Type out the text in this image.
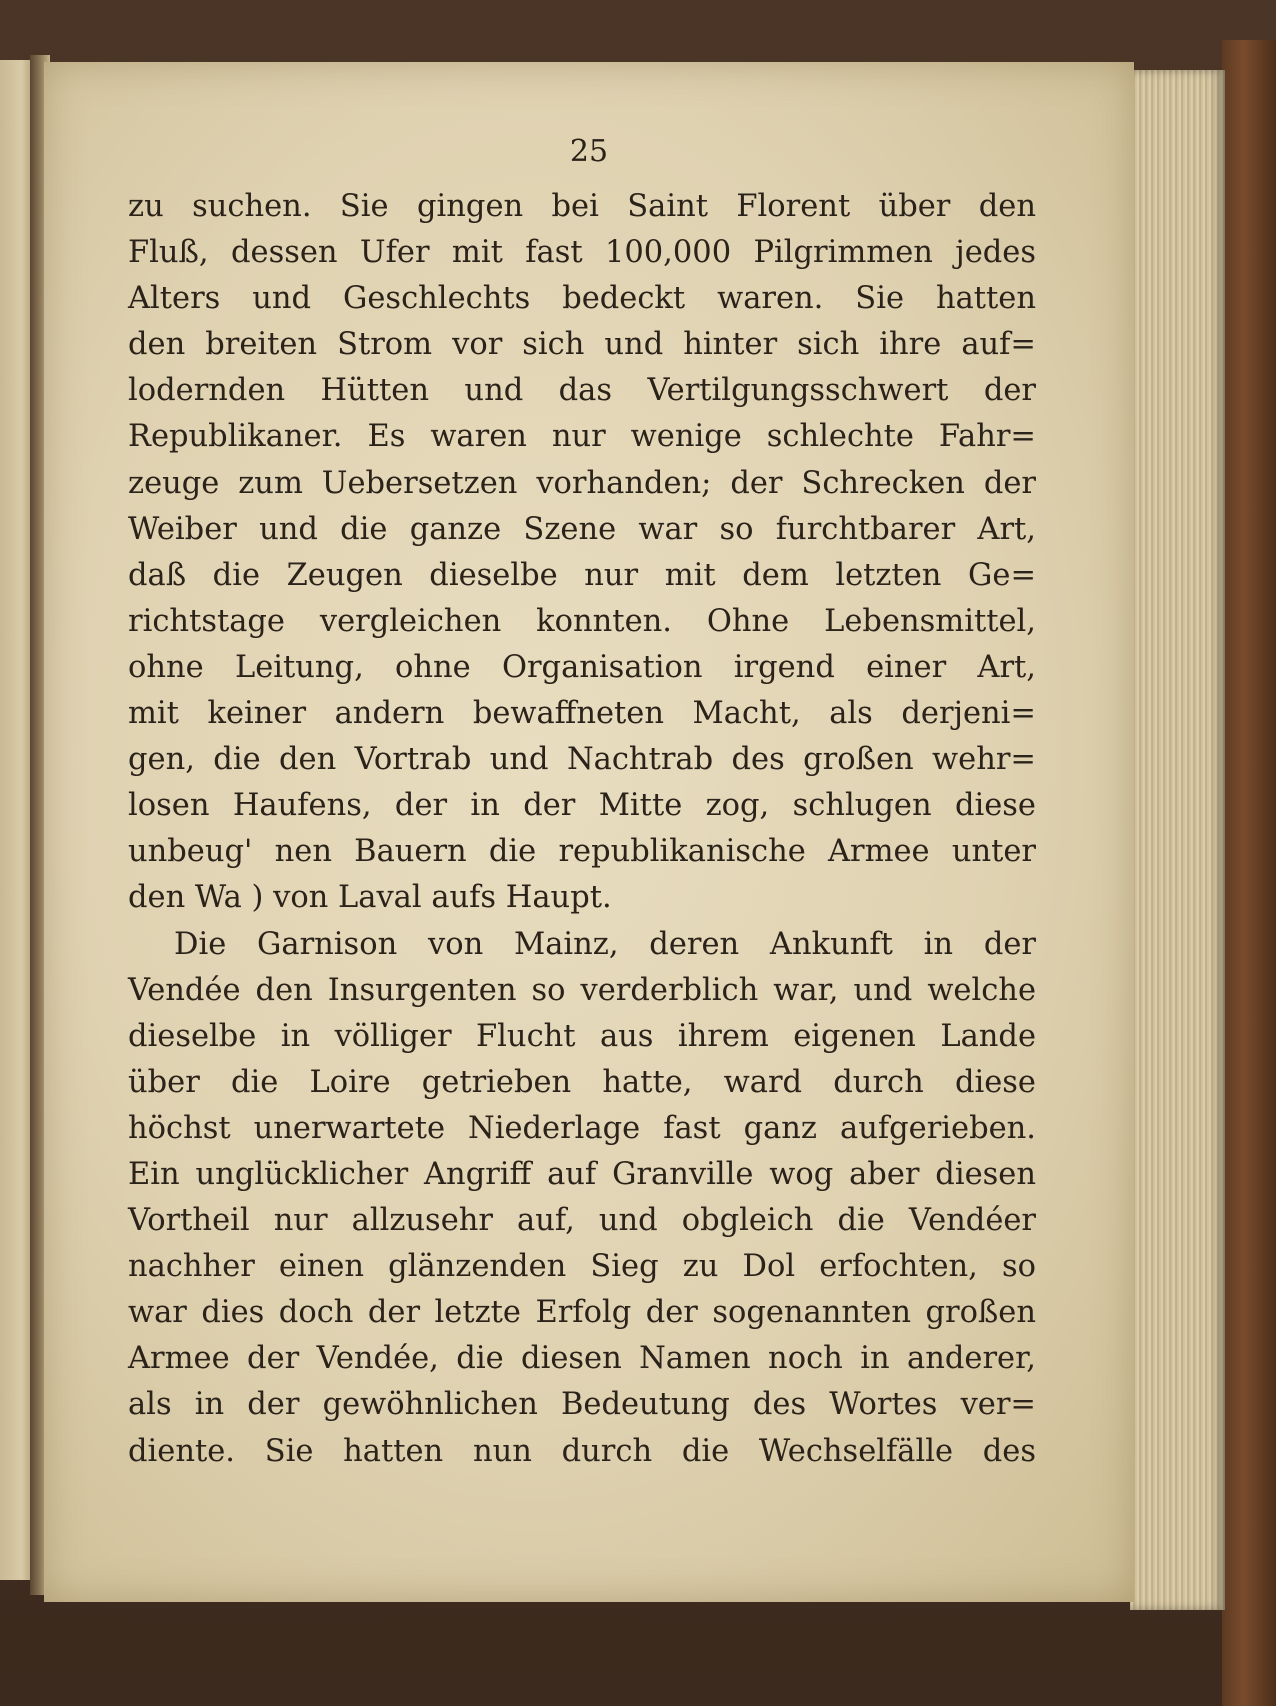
25
zu suchen. Sie gingen bei Saint Florent über den
Fluß, dessen Ufer mit fast 100,000 Pilgrimmen jedes
Alters und Geschlechts bedeckt waren. Sie hatten
den breiten Strom vor sich und hinter sich ihre auf=
lodernden Hütten und das Vertilgungsschwert der
Republikaner. Es waren nur wenige schlechte Fahr=
zeuge zum Uebersetzen vorhanden; der Schrecken der
Weiber und die ganze Szene war so furchtbarer Art,
daß die Zeugen dieselbe nur mit dem letzten Ge=
richtstage vergleichen konnten. Ohne Lebensmittel,
ohne Leitung, ohne Organisation irgend einer Art,
mit keiner andern bewaffneten Macht, als derjeni=
gen, die den Vortrab und Nachtrab des großen wehr=
losen Haufens, der in der Mitte zog, schlugen diese
unbeug' nen Bauern die republikanische Armee unter
den Wa ) von Laval aufs Haupt.
Die Garnison von Mainz, deren Ankunft in der
Vendée den Insurgenten so verderblich war, und welche
dieselbe in völliger Flucht aus ihrem eigenen Lande
über die Loire getrieben hatte, ward durch diese
höchst unerwartete Niederlage fast ganz aufgerieben.
Ein unglücklicher Angriff auf Granville wog aber diesen
Vortheil nur allzusehr auf, und obgleich die Vendéer
nachher einen glänzenden Sieg zu Dol erfochten, so
war dies doch der letzte Erfolg der sogenannten großen
Armee der Vendée, die diesen Namen noch in anderer,
als in der gewöhnlichen Bedeutung des Wortes ver=
diente. Sie hatten nun durch die Wechselfälle des
